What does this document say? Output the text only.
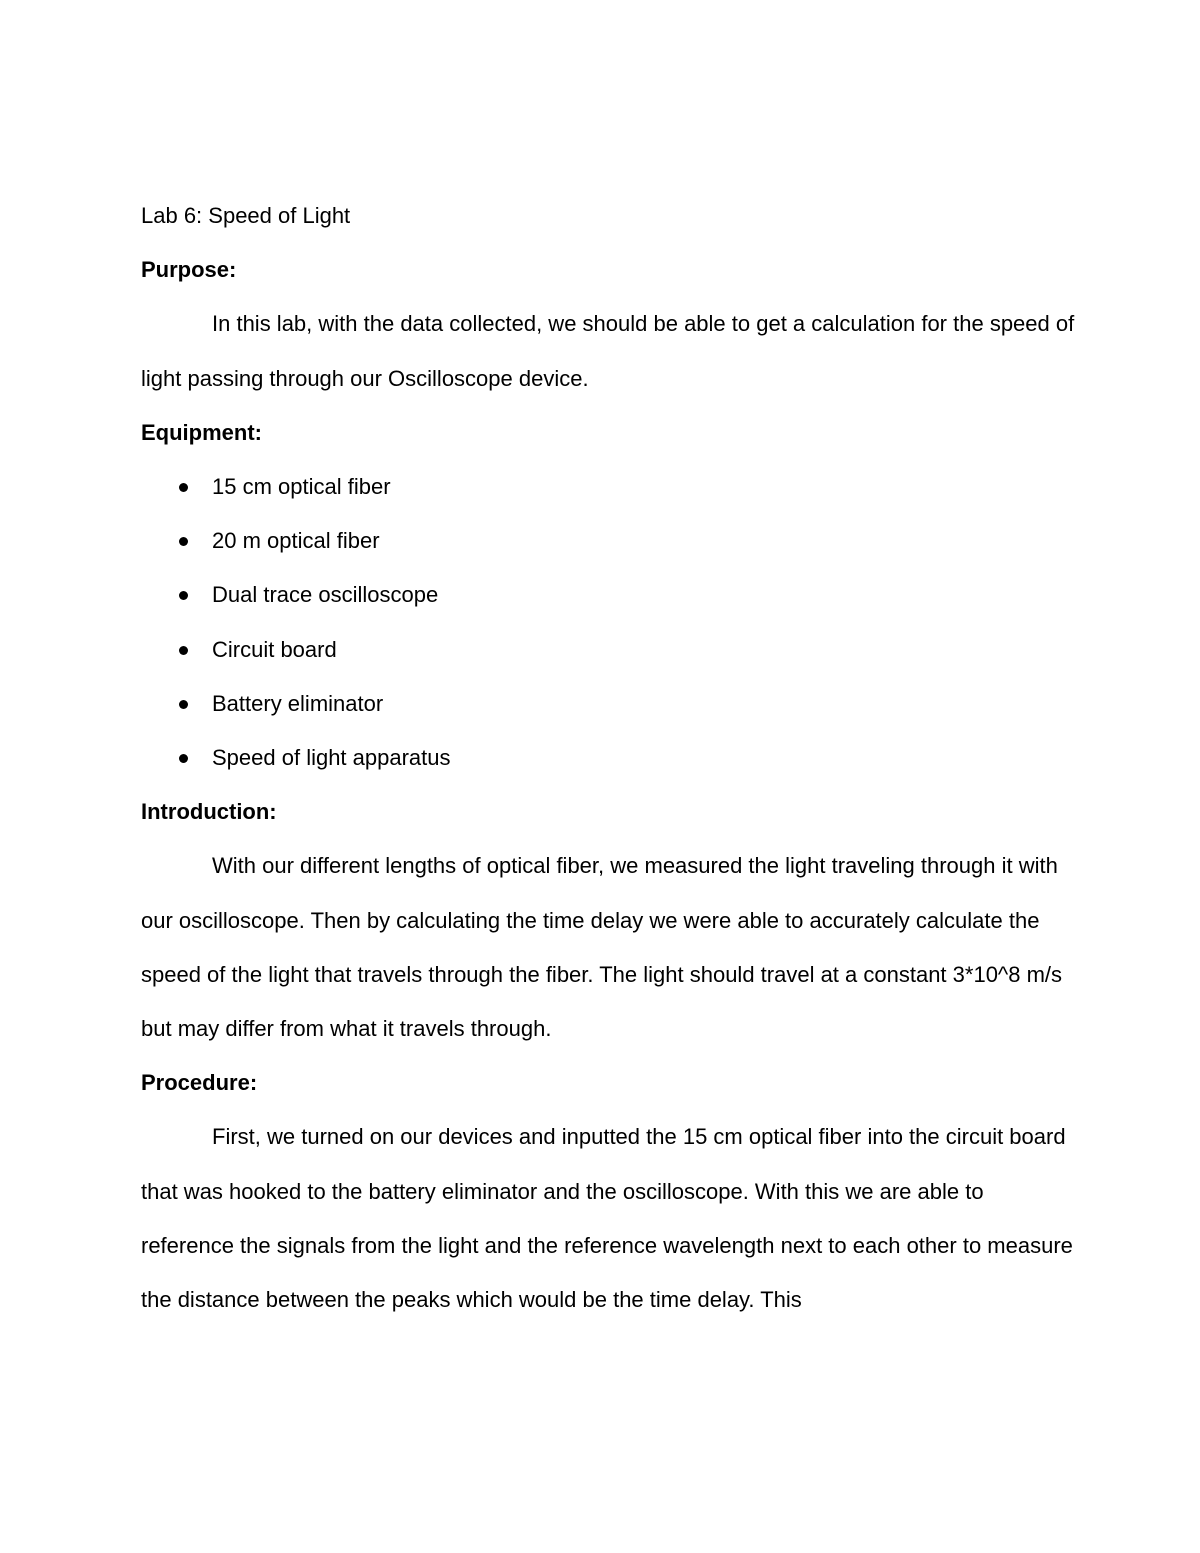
Lab 6: Speed of Light

Purpose:

In this lab, with the data collected, we should be able to get a calculation for the speed of light passing through our Oscilloscope device.

Equipment:

15 cm optical fiber
20 m optical fiber
Dual trace oscilloscope
Circuit board
Battery eliminator
Speed of light apparatus

Introduction:

With our different lengths of optical fiber, we measured the light traveling through it with our oscilloscope. Then by calculating the time delay we were able to accurately calculate the speed of the light that travels through the fiber. The light should travel at a constant 3*10^8 m/s but may differ from what it travels through.

Procedure:

First, we turned on our devices and inputted the 15 cm optical fiber into the circuit board that was hooked to the battery eliminator and the oscilloscope. With this we are able to reference the signals from the light and the reference wavelength next to each other to measure the distance between the peaks which would be the time delay. This
